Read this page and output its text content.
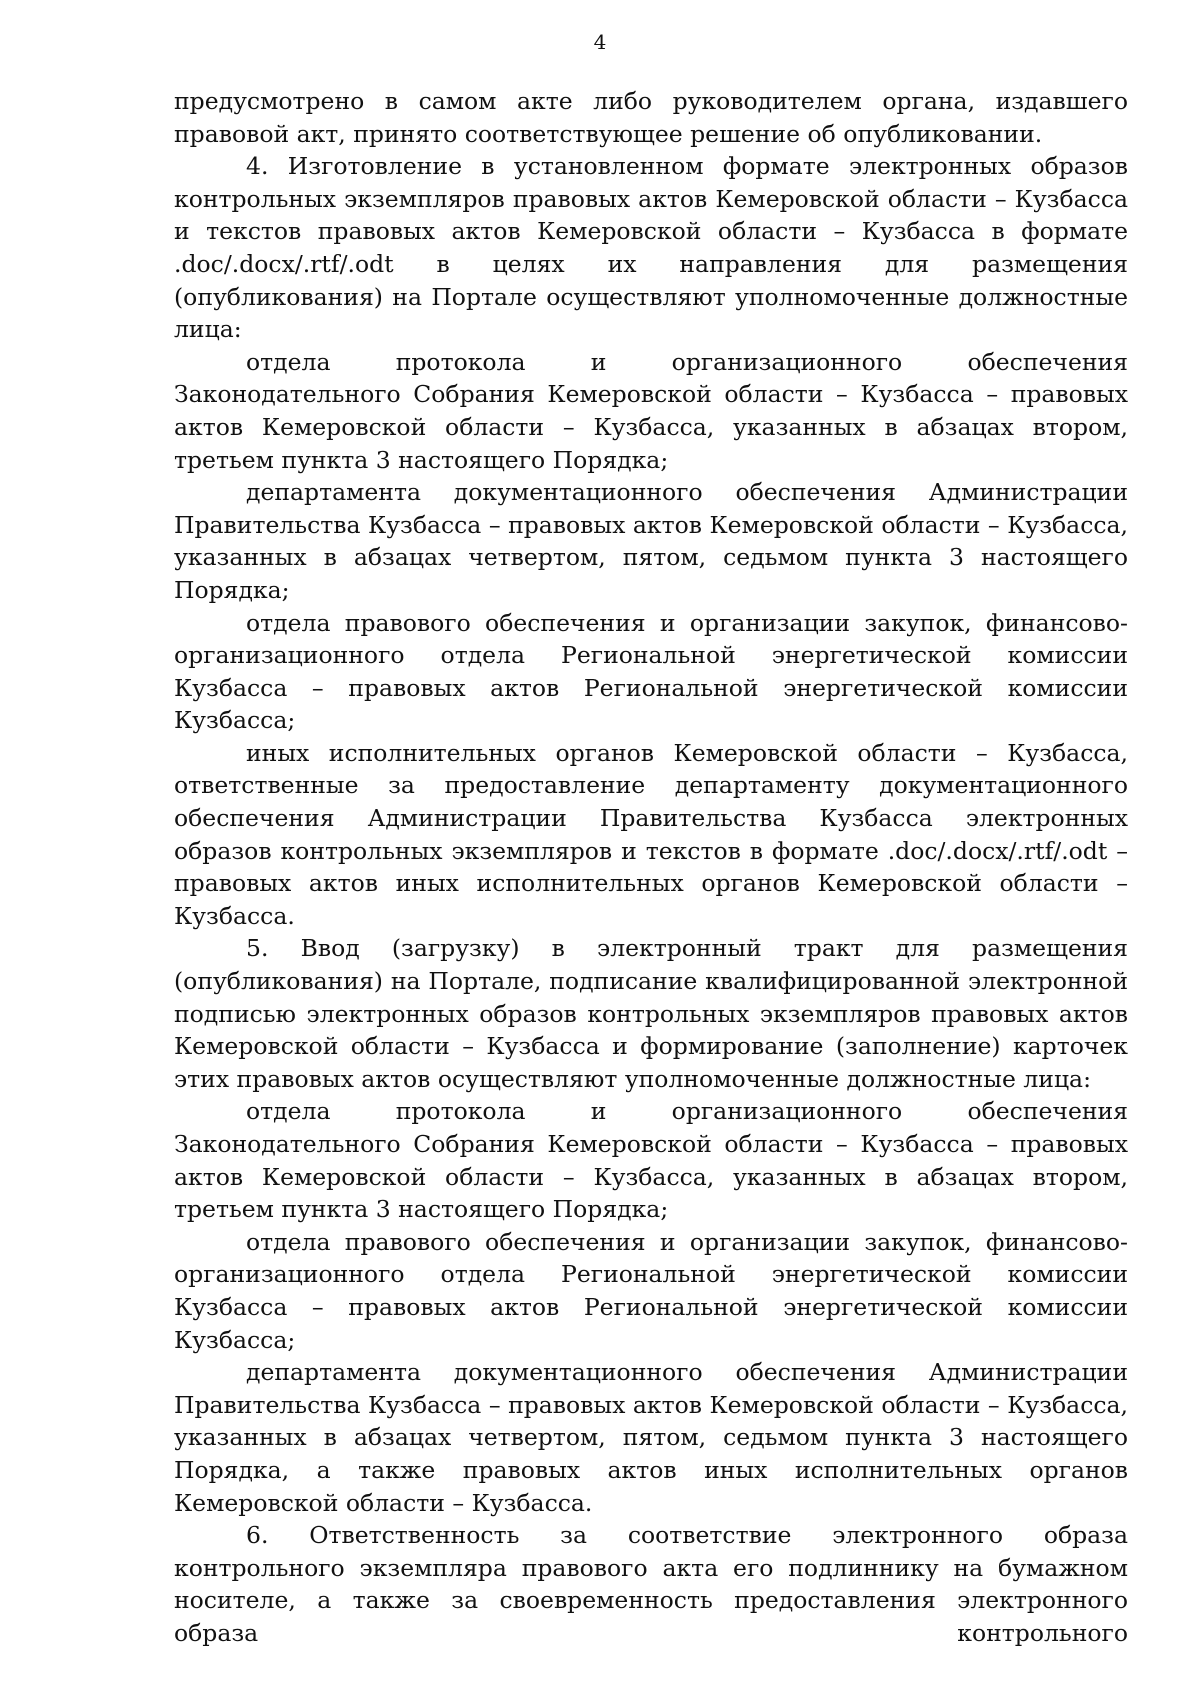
4

предусмотрено в самом акте либо руководителем органа, издавшего правовой акт, принято соответствующее решение об опубликовании.

4. Изготовление в установленном формате электронных образов контрольных экземпляров правовых актов Кемеровской области – Кузбасса и текстов правовых актов Кемеровской области – Кузбасса в формате .doc/.docx/.rtf/.odt в целях их направления для размещения (опубликования) на Портале осуществляют уполномоченные должностные лица:

отдела протокола и организационного обеспечения Законодательного Собрания Кемеровской области – Кузбасса – правовых актов Кемеровской области – Кузбасса, указанных в абзацах втором, третьем пункта 3 настоящего Порядка;

департамента документационного обеспечения Администрации Правительства Кузбасса – правовых актов Кемеровской области – Кузбасса, указанных в абзацах четвертом, пятом, седьмом пункта 3 настоящего Порядка;

отдела правового обеспечения и организации закупок, финансово-организационного отдела Региональной энергетической комиссии Кузбасса – правовых актов Региональной энергетической комиссии Кузбасса;

иных исполнительных органов Кемеровской области – Кузбасса, ответственные за предоставление департаменту документационного обеспечения Администрации Правительства Кузбасса электронных образов контрольных экземпляров и текстов в формате .doc/.docx/.rtf/.odt – правовых актов иных исполнительных органов Кемеровской области – Кузбасса.

5. Ввод (загрузку) в электронный тракт для размещения (опубликования) на Портале, подписание квалифицированной электронной подписью электронных образов контрольных экземпляров правовых актов Кемеровской области – Кузбасса и формирование (заполнение) карточек этих правовых актов осуществляют уполномоченные должностные лица:

отдела протокола и организационного обеспечения Законодательного Собрания Кемеровской области – Кузбасса – правовых актов Кемеровской области – Кузбасса, указанных в абзацах втором, третьем пункта 3 настоящего Порядка;

отдела правового обеспечения и организации закупок, финансово-организационного отдела Региональной энергетической комиссии Кузбасса – правовых актов Региональной энергетической комиссии Кузбасса;

департамента документационного обеспечения Администрации Правительства Кузбасса – правовых актов Кемеровской области – Кузбасса, указанных в абзацах четвертом, пятом, седьмом пункта 3 настоящего Порядка, а также правовых актов иных исполнительных органов Кемеровской области – Кузбасса.

6. Ответственность за соответствие электронного образа контрольного экземпляра правового акта его подлиннику на бумажном носителе, а также за своевременность предоставления электронного образа контрольного
